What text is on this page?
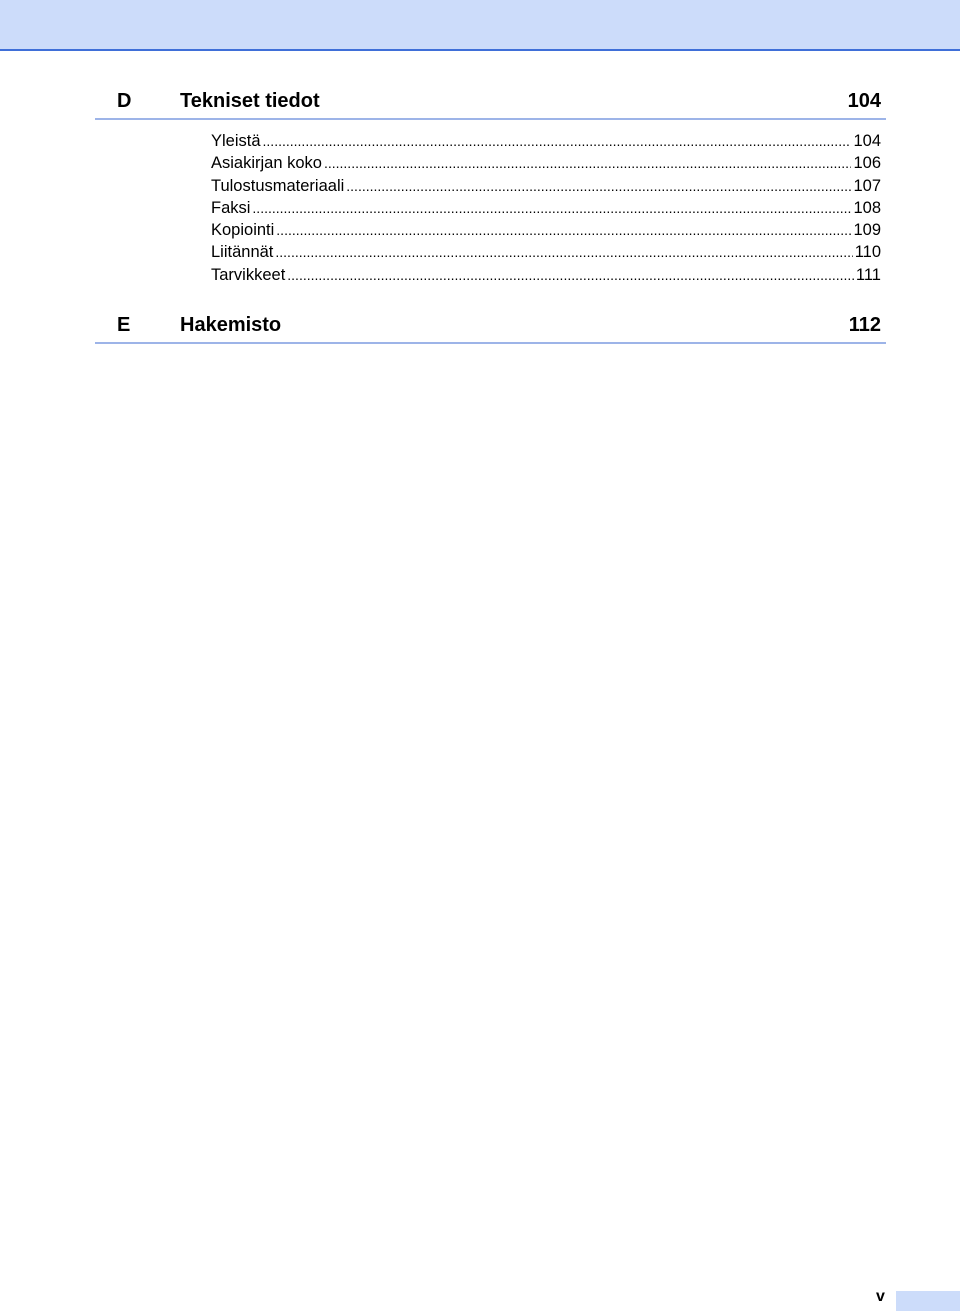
D Tekniset tiedot	104
Yleistä .....	104
Asiakirjan koko .....	106
Tulostusmateriaali .....	107
Faksi .....	108
Kopiointi .....	109
Liitännät .....	110
Tarvikkeet .....	111
E Hakemisto	112
v
